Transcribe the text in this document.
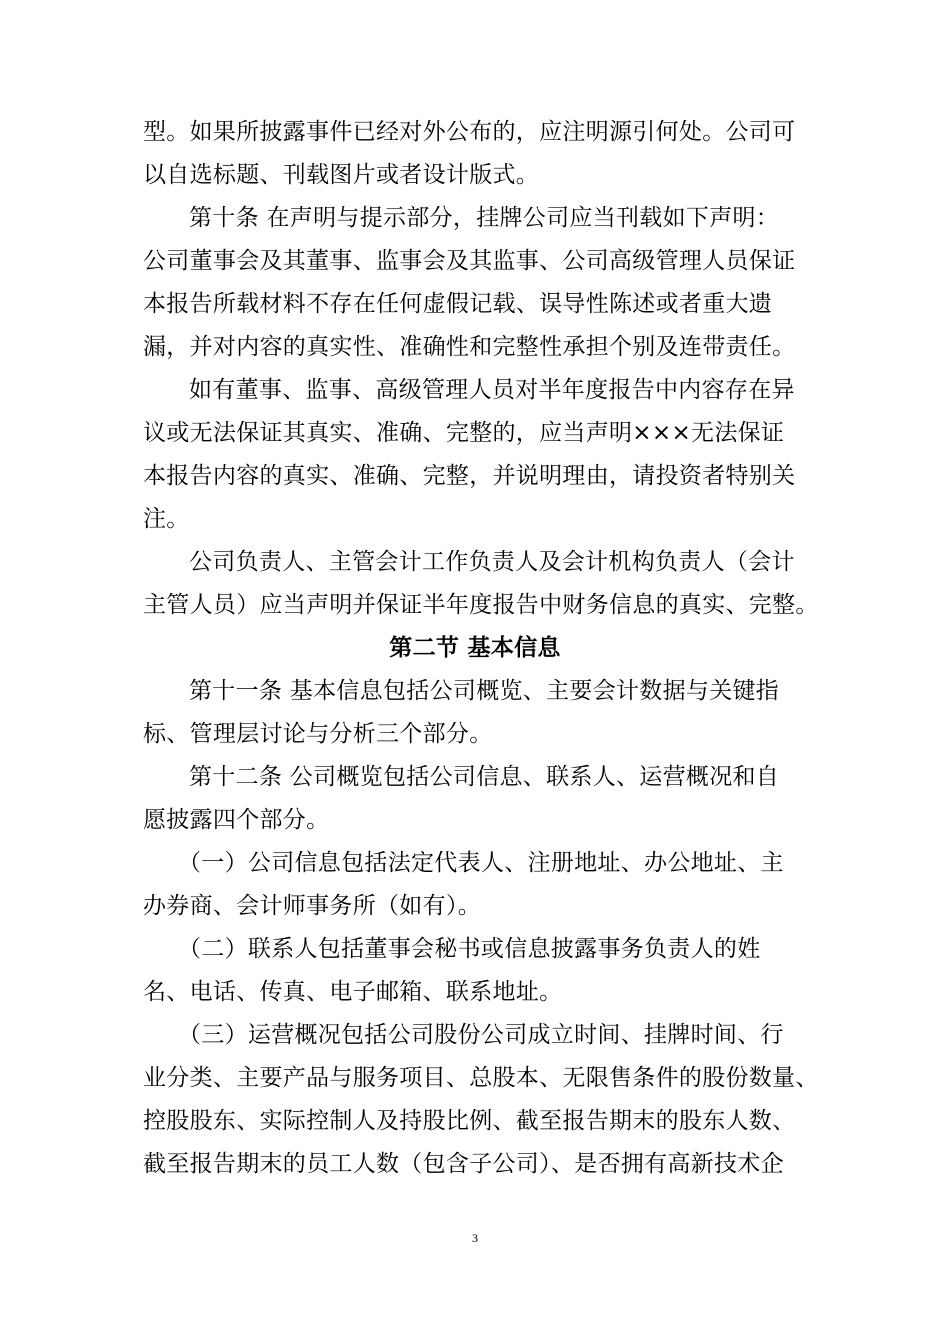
型。如果所披露事件已经对外公布的，应注明源引何处。公司可
以自选标题、刊载图片或者设计版式。
第十条 在声明与提示部分，挂牌公司应当刊载如下声明：
公司董事会及其董事、监事会及其监事、公司高级管理人员保证
本报告所载材料不存在任何虚假记载、误导性陈述或者重大遗
漏，并对内容的真实性、准确性和完整性承担个别及连带责任。
如有董事、监事、高级管理人员对半年度报告中内容存在异
议或无法保证其真实、准确、完整的，应当声明×××无法保证
本报告内容的真实、准确、完整，并说明理由，请投资者特别关
注。
公司负责人、主管会计工作负责人及会计机构负责人（会计
主管人员）应当声明并保证半年度报告中财务信息的真实、完整。
第二节 基本信息
第十一条 基本信息包括公司概览、主要会计数据与关键指
标、管理层讨论与分析三个部分。
第十二条 公司概览包括公司信息、联系人、运营概况和自
愿披露四个部分。
（一）公司信息包括法定代表人、注册地址、办公地址、主
办券商、会计师事务所（如有）。
（二）联系人包括董事会秘书或信息披露事务负责人的姓
名、电话、传真、电子邮箱、联系地址。
（三）运营概况包括公司股份公司成立时间、挂牌时间、行
业分类、主要产品与服务项目、总股本、无限售条件的股份数量、
控股股东、实际控制人及持股比例、截至报告期末的股东人数、
截至报告期末的员工人数（包含子公司）、是否拥有高新技术企
3
